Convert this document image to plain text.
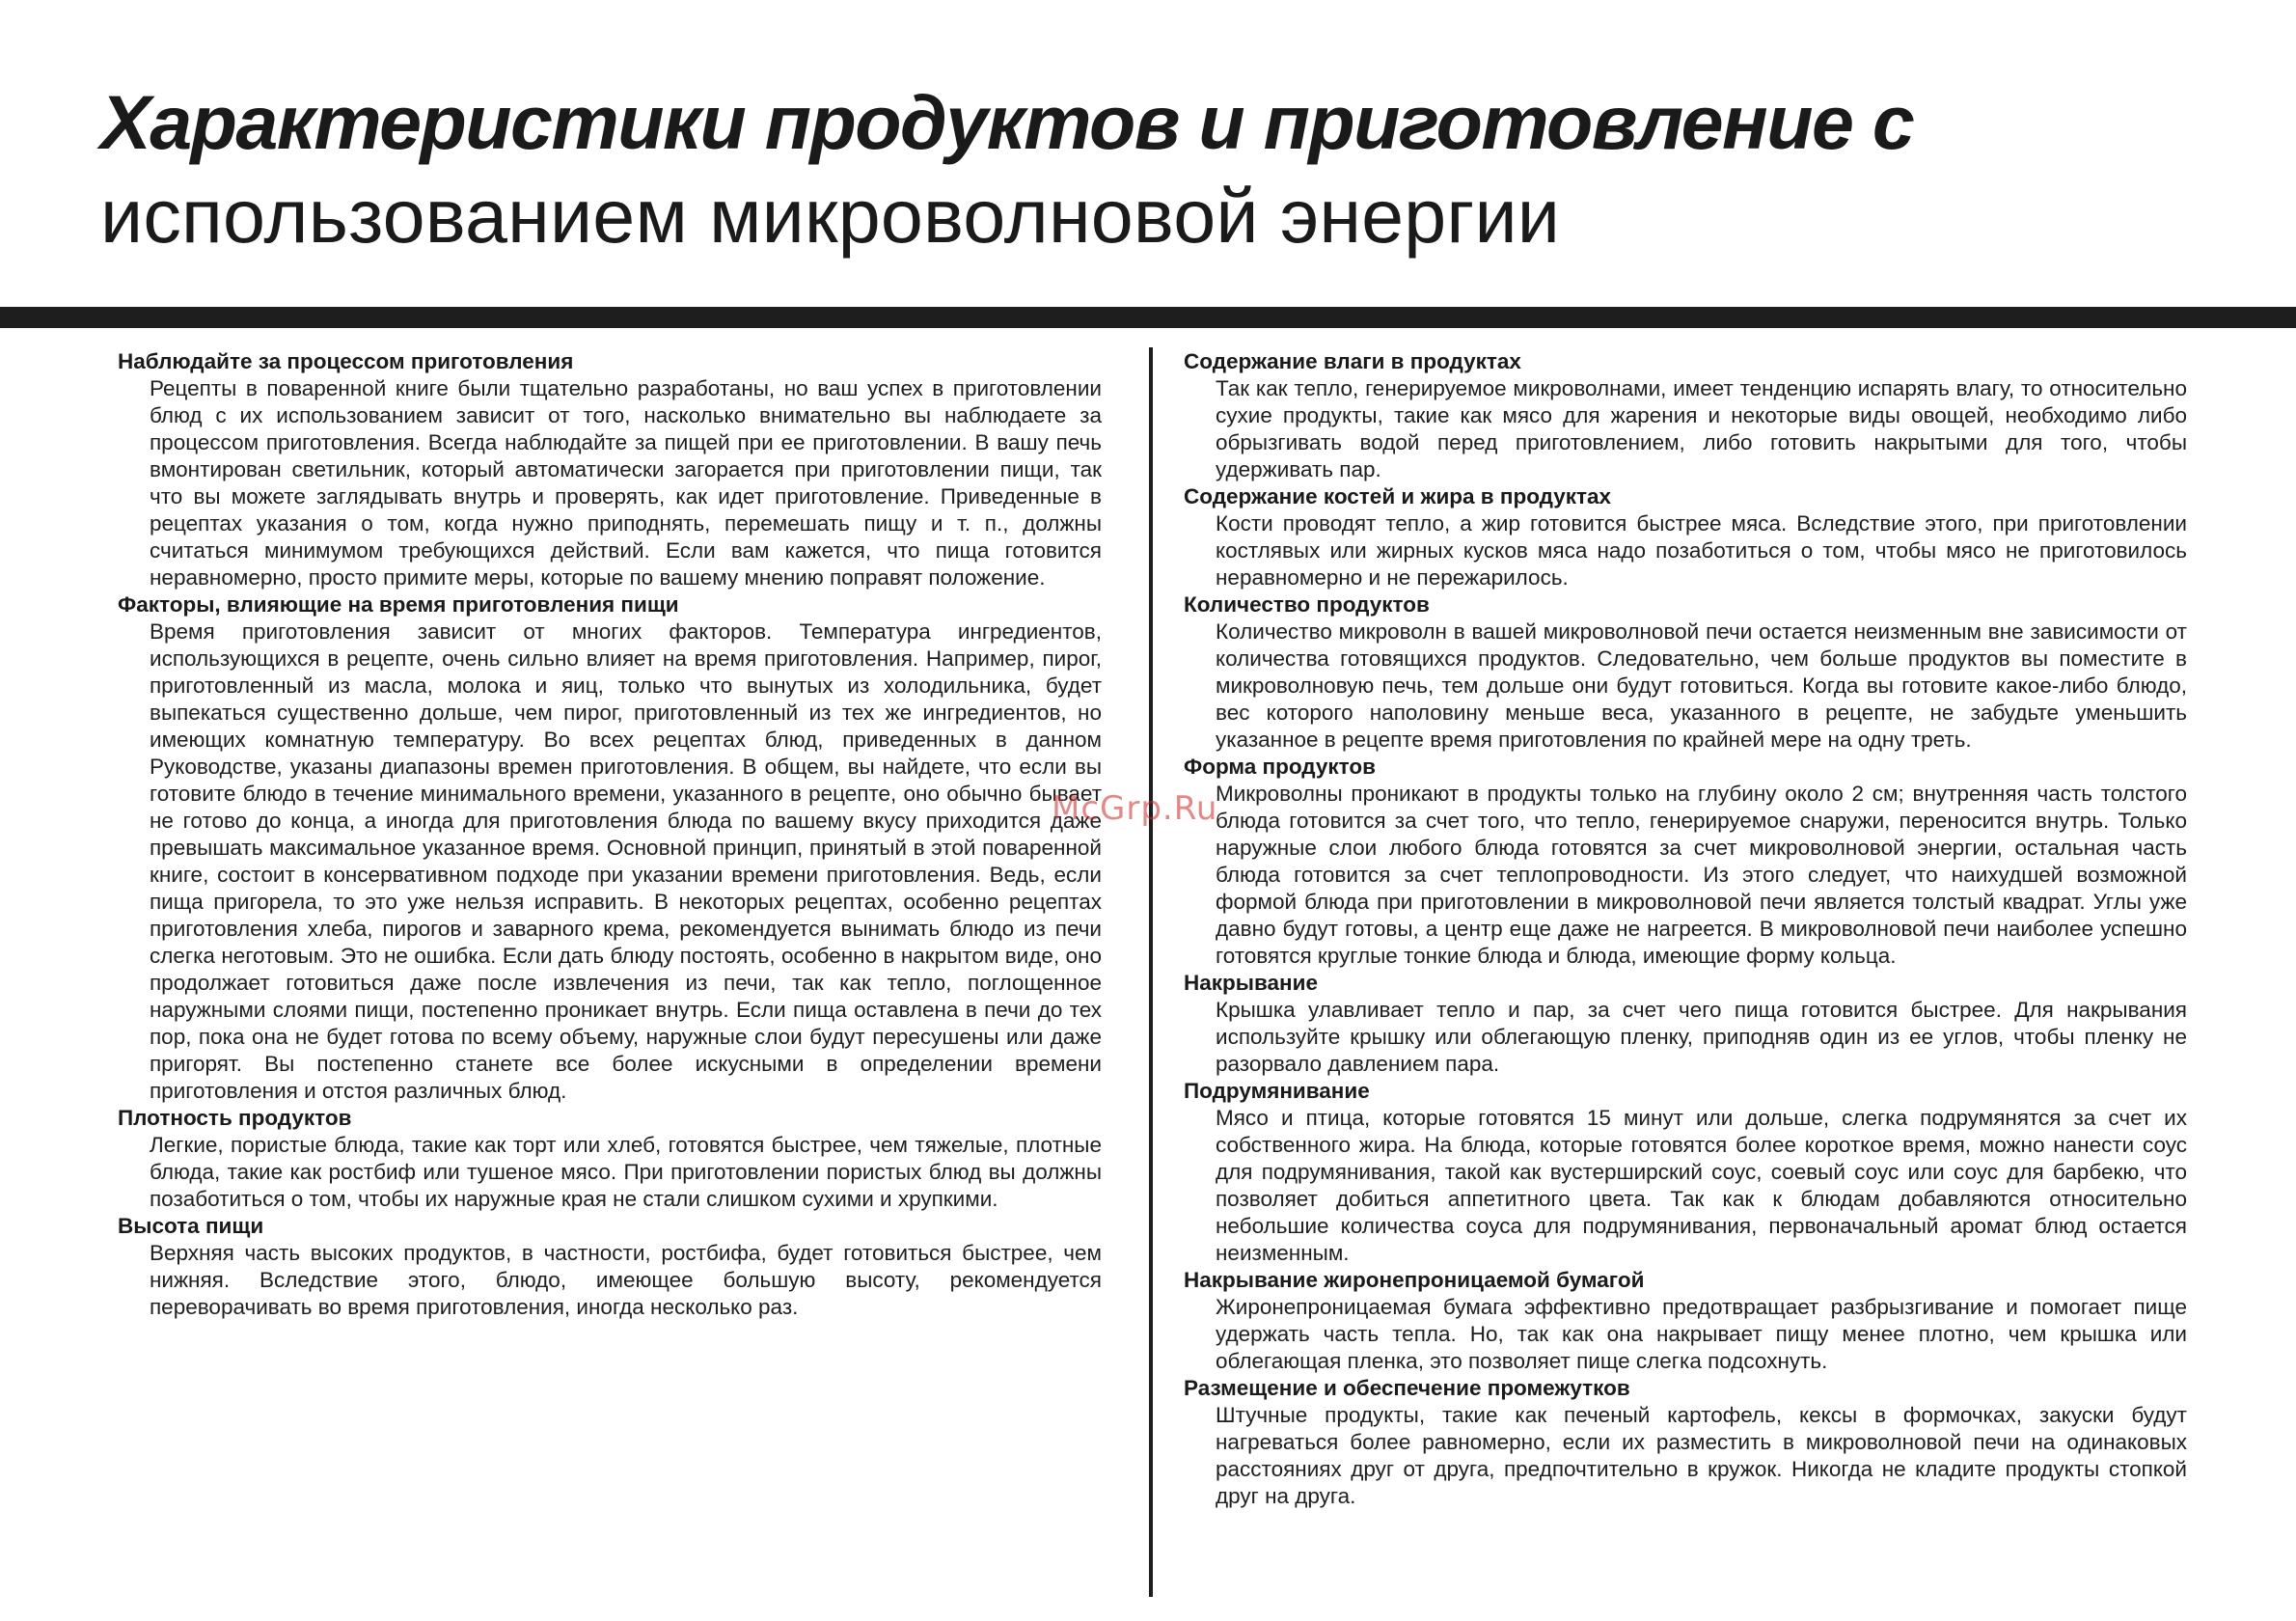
Характеристики продуктов и приготовление с
использованием микроволновой энергии
Наблюдайте за процессом приготовления

Рецепты в поваренной книге были тщательно разработаны, но ваш успех в приготовлении блюд с их использованием зависит от того, насколько внимательно вы наблюдаете за процессом приготовления. Всегда наблюдайте за пищей при ее приготовлении. В вашу печь вмонтирован светильник, который автоматически загорается при приготовлении пищи, так что вы можете заглядывать внутрь и проверять, как идет приготовление. Приведенные в рецептах указания о том, когда нужно приподнять, перемешать пищу и т. п., должны считаться минимумом требующихся действий. Если вам кажется, что пища готовится неравномерно, просто примите меры, которые по вашему мнению поправят положение.

Факторы, влияющие на время приготовления пищи

Время приготовления зависит от многих факторов. Температура ингредиентов, использующихся в рецепте, очень сильно влияет на время приготовления. Например, пирог, приготовленный из масла, молока и яиц, только что вынутых из холодильника, будет выпекаться существенно дольше, чем пирог, приготовленный из тех же ингредиентов, но имеющих комнатную температуру. Во всех рецептах блюд, приведенных в данном Руководстве, указаны диапазоны времен приготовления. В общем, вы найдете, что если вы готовите блюдо в течение минимального времени, указанного в рецепте, оно обычно бывает не готово до конца, а иногда для приготовления блюда по вашему вкусу приходится даже превышать максимальное указанное время. Основной принцип, принятый в этой поваренной книге, состоит в консервативном подходе при указании времени приготовления. Ведь, если пища пригорела, то это уже нельзя исправить. В некоторых рецептах, особенно рецептах приготовления хлеба, пирогов и заварного крема, рекомендуется вынимать блюдо из печи слегка неготовым. Это не ошибка. Если дать блюду постоять, особенно в накрытом виде, оно продолжает готовиться даже после извлечения из печи, так как тепло, поглощенное наружными слоями пищи, постепенно проникает внутрь. Если пища оставлена в печи до тех пор, пока она не будет готова по всему объему, наружные слои будут пересушены или даже пригорят. Вы постепенно станете все более искусными в определении времени приготовления и отстоя различных блюд.

Плотность продуктов

Легкие, пористые блюда, такие как торт или хлеб, готовятся быстрее, чем тяжелые, плотные блюда, такие как ростбиф или тушеное мясо. При приготовлении пористых блюд вы должны позаботиться о том, чтобы их наружные края не стали слишком сухими и хрупкими.

Высота пищи

Верхняя часть высоких продуктов, в частности, ростбифа, будет готовиться быстрее, чем нижняя. Вследствие этого, блюдо, имеющее большую высоту, рекомендуется переворачивать во время приготовления, иногда несколько раз.

Содержание влаги в продуктах

Так как тепло, генерируемое микроволнами, имеет тенденцию испарять влагу, то относительно сухие продукты, такие как мясо для жарения и некоторые виды овощей, необходимо либо обрызгивать водой перед приготовлением, либо готовить накрытыми для того, чтобы удерживать пар.

Содержание костей и жира в продуктах

Кости проводят тепло, а жир готовится быстрее мяса. Вследствие этого, при приготовлении костлявых или жирных кусков мяса надо позаботиться о том, чтобы мясо не приготовилось неравномерно и не пережарилось.

Количество продуктов

Количество микроволн в вашей микроволновой печи остается неизменным вне зависимости от количества готовящихся продуктов. Следовательно, чем больше продуктов вы поместите в микроволновую печь, тем дольше они будут готовиться. Когда вы готовите какое-либо блюдо, вес которого наполовину меньше веса, указанного в рецепте, не забудьте уменьшить указанное в рецепте время приготовления по крайней мере на одну треть.

Форма продуктов

Микроволны проникают в продукты только на глубину около 2 см; внутренняя часть толстого блюда готовится за счет того, что тепло, генерируемое снаружи, переносится внутрь. Только наружные слои любого блюда готовятся за счет микроволновой энергии, остальная часть блюда готовится за счет теплопроводности. Из этого следует, что наихудшей возможной формой блюда при приготовлении в микроволновой печи является толстый квадрат. Углы уже давно будут готовы, а центр еще даже не нагреется. В микроволновой печи наиболее успешно готовятся круглые тонкие блюда и блюда, имеющие форму кольца.

Накрывание

Крышка улавливает тепло и пар, за счет чего пища готовится быстрее. Для накрывания используйте крышку или облегающую пленку, приподняв один из ее углов, чтобы пленку не разорвало давлением пара.

Подрумянивание

Мясо и птица, которые готовятся 15 минут или дольше, слегка подрумянятся за счет их собственного жира. На блюда, которые готовятся более короткое время, можно нанести соус для подрумянивания, такой как вустерширский соус, соевый соус или соус для барбекю, что позволяет добиться аппетитного цвета. Так как к блюдам добавляются относительно небольшие количества соуса для подрумянивания, первоначальный аромат блюд остается неизменным.

Накрывание жиронепроницаемой бумагой

Жиронепроницаемая бумага эффективно предотвращает разбрызгивание и помогает пище удержать часть тепла. Но, так как она накрывает пищу менее плотно, чем крышка или облегающая пленка, это позволяет пище слегка подсохнуть.

Размещение и обеспечение промежутков

Штучные продукты, такие как печеный картофель, кексы в формочках, закуски будут нагреваться более равномерно, если их разместить в микроволновой печи на одинаковых расстояниях друг от друга, предпочтительно в кружок. Никогда не кладите продукты стопкой друг на друга.

McGrp.Ru
